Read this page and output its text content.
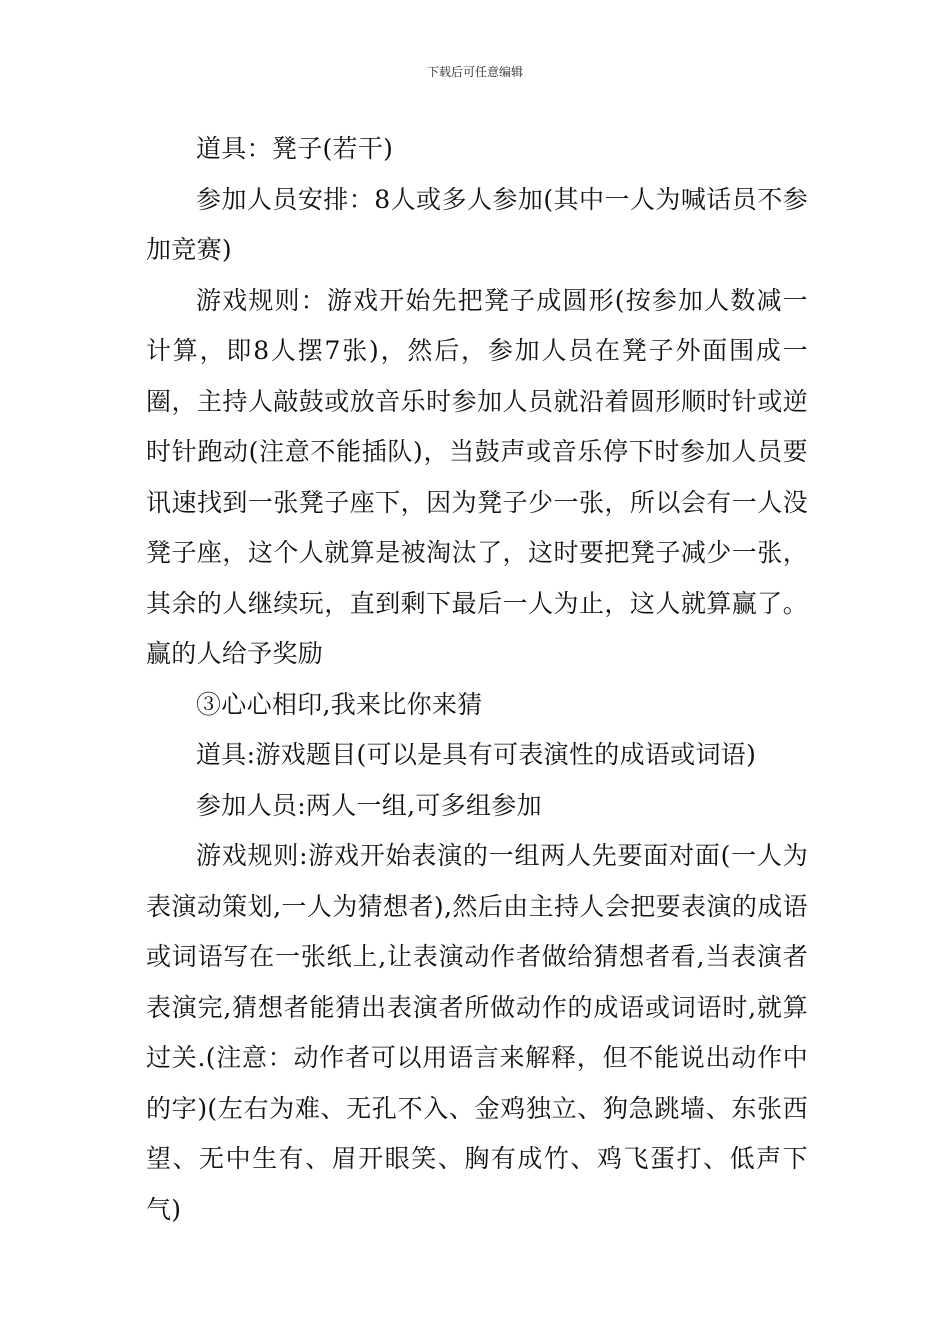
下载后可任意编辑

道具：凳子(若干)

参加人员安排：8人或多人参加(其中一人为喊话员不参加竞赛)

游戏规则：游戏开始先把凳子成圆形(按参加人数减一计算，即8人摆7张)，然后，参加人员在凳子外面围成一圈，主持人敲鼓或放音乐时参加人员就沿着圆形顺时针或逆时针跑动(注意不能插队)，当鼓声或音乐停下时参加人员要讯速找到一张凳子座下，因为凳子少一张，所以会有一人没凳子座，这个人就算是被淘汰了，这时要把凳子减少一张，其余的人继续玩，直到剩下最后一人为止，这人就算赢了。赢的人给予奖励

③心心相印,我来比你来猜

道具:游戏题目(可以是具有可表演性的成语或词语)

参加人员:两人一组,可多组参加

游戏规则:游戏开始表演的一组两人先要面对面(一人为表演动策划,一人为猜想者),然后由主持人会把要表演的成语或词语写在一张纸上,让表演动作者做给猜想者看,当表演者表演完,猜想者能猜出表演者所做动作的成语或词语时,就算过关.(注意：动作者可以用语言来解释，但不能说出动作中的字)(左右为难、无孔不入、金鸡独立、狗急跳墙、东张西望、无中生有、眉开眼笑、胸有成竹、鸡飞蛋打、低声下气)
